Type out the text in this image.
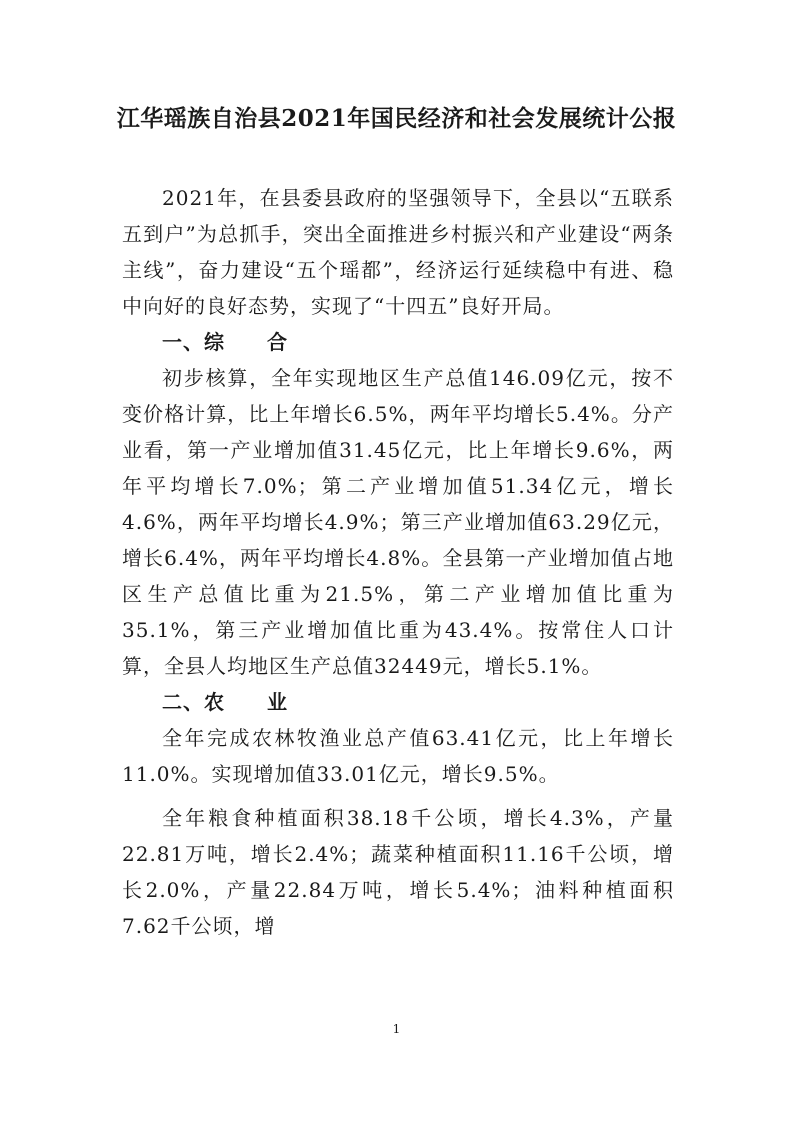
江华瑶族自治县2021年国民经济和社会发展统计公报

2021年，在县委县政府的坚强领导下，全县以“五联系五到户”为总抓手，突出全面推进乡村振兴和产业建设“两条主线”，奋力建设“五个瑶都”，经济运行延续稳中有进、稳中向好的良好态势，实现了“十四五”良好开局。

一、综　　合

初步核算，全年实现地区生产总值146.09亿元，按不变价格计算，比上年增长6.5%，两年平均增长5.4%。分产业看，第一产业增加值31.45亿元，比上年增长9.6%，两年平均增长7.0%；第二产业增加值51.34亿元，增长4.6%，两年平均增长4.9%；第三产业增加值63.29亿元，增长6.4%，两年平均增长4.8%。全县第一产业增加值占地区生产总值比重为21.5%，第二产业增加值比重为35.1%，第三产业增加值比重为43.4%。按常住人口计算，全县人均地区生产总值32449元，增长5.1%。

二、农　　业

全年完成农林牧渔业总产值63.41亿元，比上年增长11.0%。实现增加值33.01亿元，增长9.5%。

全年粮食种植面积38.18千公顷，增长4.3%，产量22.81万吨，增长2.4%；蔬菜种植面积11.16千公顷，增长2.0%，产量22.84万吨，增长5.4%；油料种植面积7.62千公顷，增

1
